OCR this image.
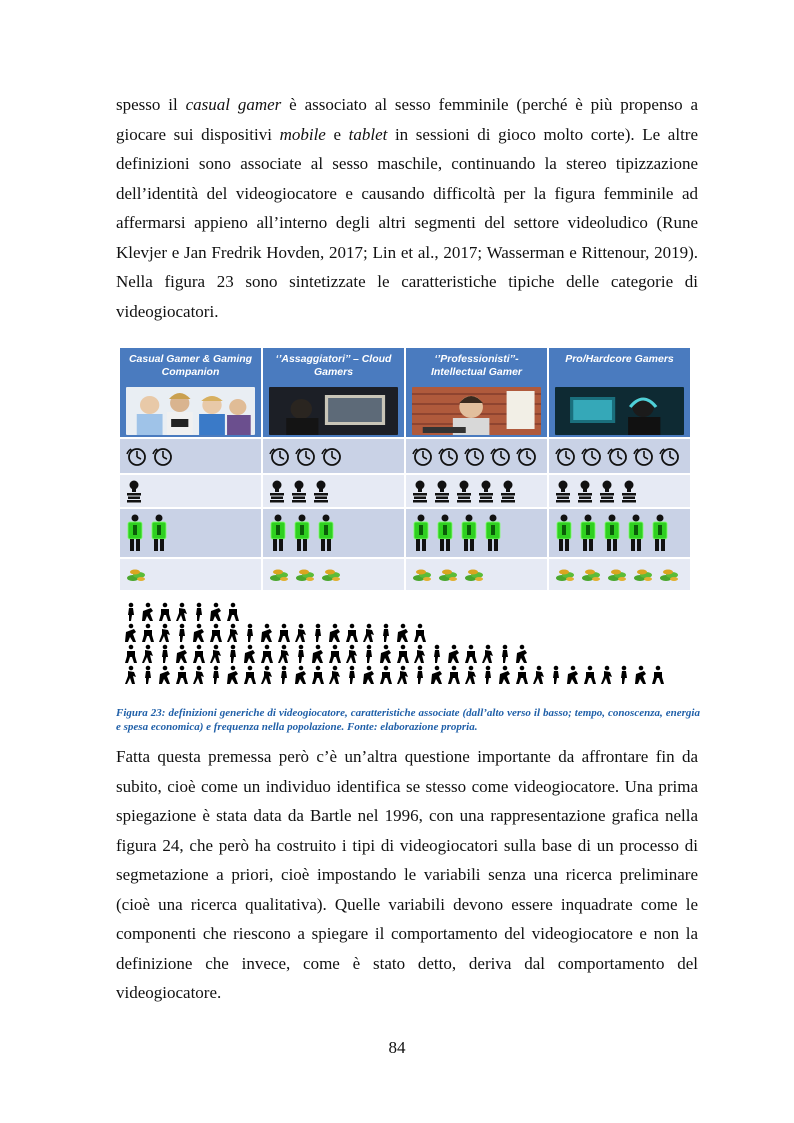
spesso il casual gamer è associato al sesso femminile (perché è più propenso a giocare sui dispositivi mobile e tablet in sessioni di gioco molto corte). Le altre definizioni sono associate al sesso maschile, continuando la stereo tipizzazione dell’identità del videogiocatore e causando difficoltà per la figura femminile ad affermarsi appieno all’interno degli altri segmenti del settore videoludico (Rune Klevjer e Jan Fredrik Hovden, 2017; Lin et al., 2017; Wasserman e Rittenour, 2019). Nella figura 23 sono sintetizzate le caratteristiche tipiche delle categorie di videogiocatori.

Casual Gamer & Gaming Companion
‘’Assaggiatori’’ – Cloud Gamers
‘’Professionisti’’- Intellectual Gamer
Pro/Hardcore Gamers

Figura 23: definizioni generiche di videogiocatore, caratteristiche associate (dall’alto verso il basso; tempo, conoscenza, energia e spesa economica) e frequenza nella popolazione. Fonte: elaborazione propria.

Fatta questa premessa però c’è un’altra questione importante da affrontare fin da subito, cioè come un individuo identifica se stesso come videogiocatore. Una prima spiegazione è stata data da Bartle nel 1996, con una rappresentazione grafica nella figura 24, che però ha costruito i tipi di videogiocatori sulla base di un processo di segmetazione a priori, cioè impostando le variabili senza una ricerca preliminare (cioè una ricerca qualitativa). Quelle variabili devono essere inquadrate come le componenti che riescono a spiegare il comportamento del videogiocatore e non la definizione che invece, come è stato detto, deriva dal comportamento del videogiocatore.

84
